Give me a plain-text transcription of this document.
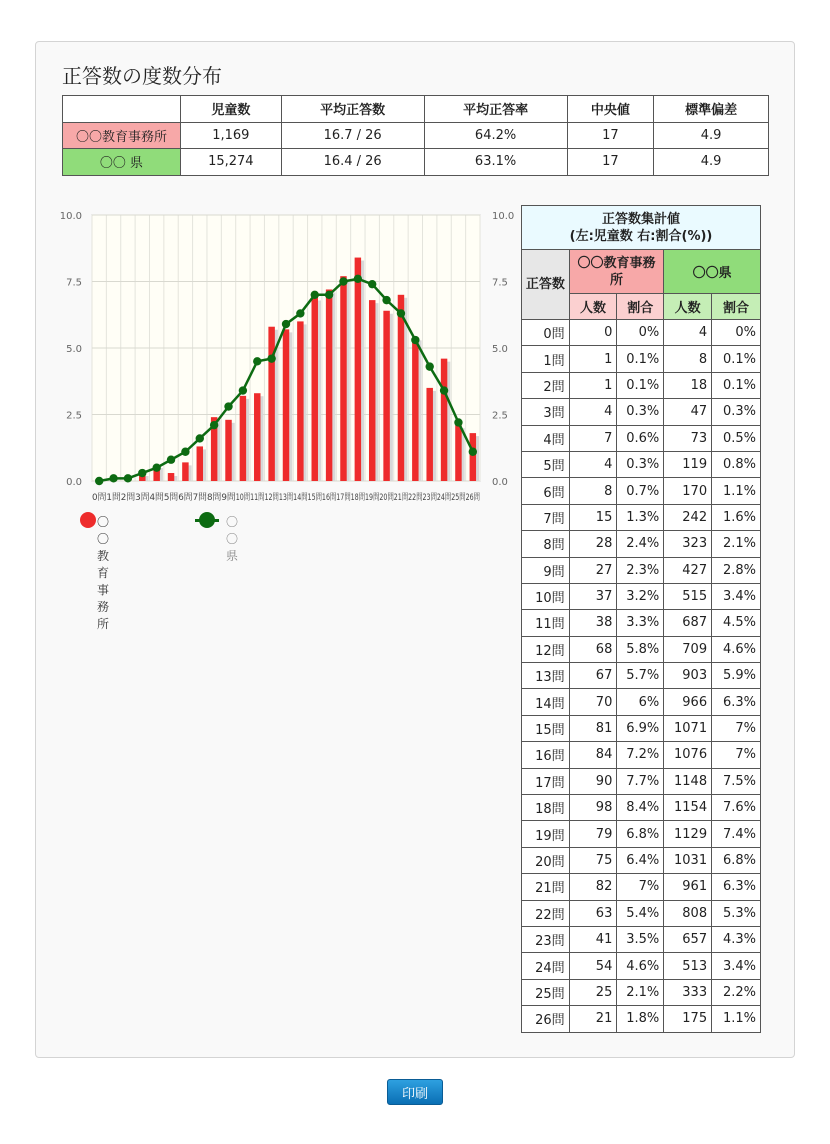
正答数の度数分布
	児童数	平均正答数	平均正答率	中央値	標準偏差
〇〇教育事務所	1,169	16.7 / 26	64.2%	17	4.9
〇〇 県	15,274	16.4 / 26	63.1%	17	4.9
0.0	0.0
2.5	2.5
5.0	5.0
7.5	7.5
10.0	10.0
0問 1問 2問 3問 4問 5問 6問 7問 8問 9問 10問
11問
12問
13問
14問
15問
16問
17問
18問
19問
20問
21問
22問
23問
24問
25問
26問
〇〇教育事務所
〇〇 県
正答数集計値
(左:児童数 右:割合(%))				
正答数	〇〇教育事務所		〇〇県	
	人数	割合	人数	割合
0問	0	0%	4	0%
1問	1	0.1%	8	0.1%
2問	1	0.1%	18	0.1%
3問	4	0.3%	47	0.3%
4問	7	0.6%	73	0.5%
5問	4	0.3%	119	0.8%
6問	8	0.7%	170	1.1%
7問	15	1.3%	242	1.6%
8問	28	2.4%	323	2.1%
9問	27	2.3%	427	2.8%
10問	37	3.2%	515	3.4%
11問	38	3.3%	687	4.5%
12問	68	5.8%	709	4.6%
13問	67	5.7%	903	5.9%
14問	70	6%	966	6.3%
15問	81	6.9%	1071	7%
16問	84	7.2%	1076	7%
17問	90	7.7%	1148	7.5%
18問	98	8.4%	1154	7.6%
19問	79	6.8%	1129	7.4%
20問	75	6.4%	1031	6.8%
21問	82	7%	961	6.3%
22問	63	5.4%	808	5.3%
23問	41	3.5%	657	4.3%
24問	54	4.6%	513	3.4%
25問	25	2.1%	333	2.2%
26問	21	1.8%	175	1.1%
印刷
